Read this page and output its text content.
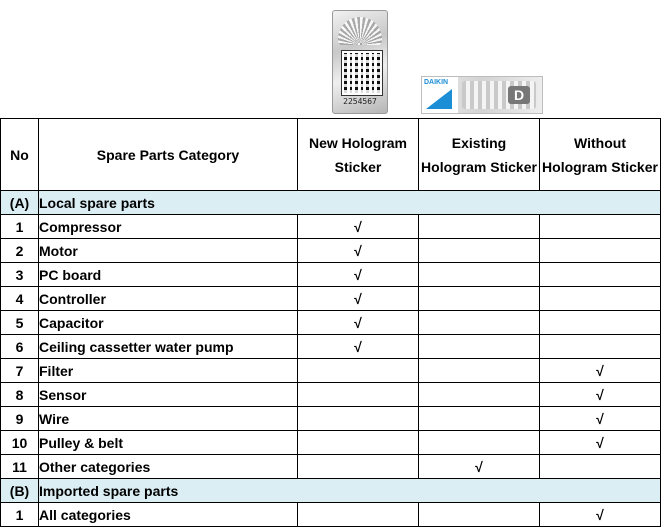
2254567
DAIKIN
D
No	Spare Parts Category	New Hologram Sticker	Existing Hologram Sticker	Without Hologram Sticker
(A)	Local spare parts			
1	Compressor	√		
2	Motor	√		
3	PC board	√		
4	Controller	√		
5	Capacitor	√		
6	Ceiling cassetter water pump	√		
7	Filter			√
8	Sensor			√
9	Wire			√
10	Pulley & belt			√
11	Other categories		√	
(B)	Imported spare parts			
1	All categories			√
